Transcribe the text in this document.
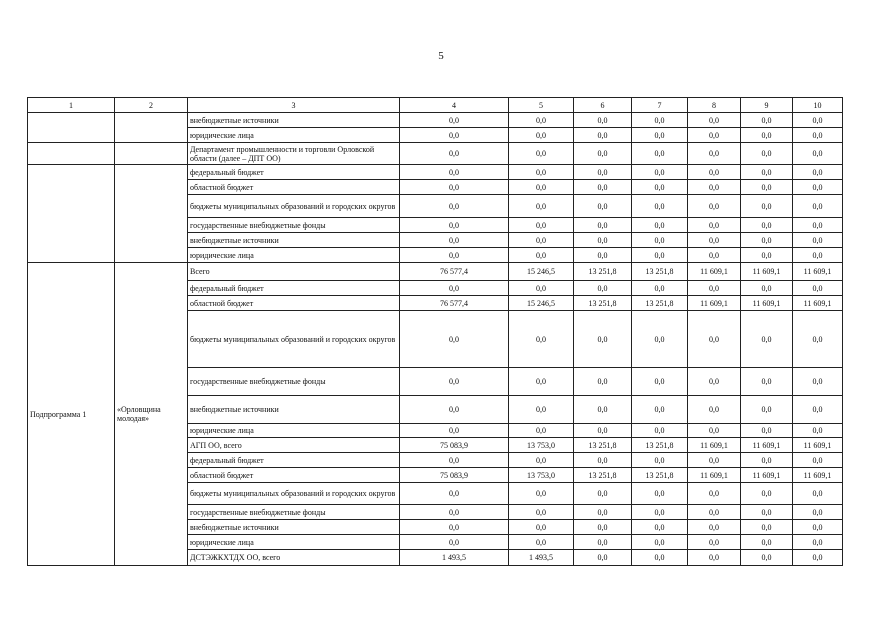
5
1	2	3	4	5	6	7	8	9	10
		внебюджетные источники	0,0	0,0	0,0	0,0	0,0	0,0	0,0
		юридические лица	0,0	0,0	0,0	0,0	0,0	0,0	0,0
		Департамент промышленности и торговли Орловской области (далее – ДПТ ОО)	0,0	0,0	0,0	0,0	0,0	0,0	0,0
		федеральный бюджет	0,0	0,0	0,0	0,0	0,0	0,0	0,0
		областной бюджет	0,0	0,0	0,0	0,0	0,0	0,0	0,0
		бюджеты муниципальных образований и городских округов	0,0	0,0	0,0	0,0	0,0	0,0	0,0
		государственные внебюджетные фонды	0,0	0,0	0,0	0,0	0,0	0,0	0,0
		внебюджетные источники	0,0	0,0	0,0	0,0	0,0	0,0	0,0
		юридические лица	0,0	0,0	0,0	0,0	0,0	0,0	0,0
Подпрограмма 1	«Орловщина молодая»	Всего	76 577,4	15 246,5	13 251,8	13 251,8	11 609,1	11 609,1	11 609,1
		федеральный бюджет	0,0	0,0	0,0	0,0	0,0	0,0	0,0
		областной бюджет	76 577,4	15 246,5	13 251,8	13 251,8	11 609,1	11 609,1	11 609,1
		бюджеты муниципальных образований и городских округов	0,0	0,0	0,0	0,0	0,0	0,0	0,0
		государственные внебюджетные фонды	0,0	0,0	0,0	0,0	0,0	0,0	0,0
		внебюджетные источники	0,0	0,0	0,0	0,0	0,0	0,0	0,0
		юридические лица	0,0	0,0	0,0	0,0	0,0	0,0	0,0
		АГП ОО, всего	75 083,9	13 753,0	13 251,8	13 251,8	11 609,1	11 609,1	11 609,1
		федеральный бюджет	0,0	0,0	0,0	0,0	0,0	0,0	0,0
		областной бюджет	75 083,9	13 753,0	13 251,8	13 251,8	11 609,1	11 609,1	11 609,1
		бюджеты муниципальных образований и городских округов	0,0	0,0	0,0	0,0	0,0	0,0	0,0
		государственные внебюджетные фонды	0,0	0,0	0,0	0,0	0,0	0,0	0,0
		внебюджетные источники	0,0	0,0	0,0	0,0	0,0	0,0	0,0
		юридические лица	0,0	0,0	0,0	0,0	0,0	0,0	0,0
		ДСТЭЖКХТДХ ОО, всего	1 493,5	1 493,5	0,0	0,0	0,0	0,0	0,0
